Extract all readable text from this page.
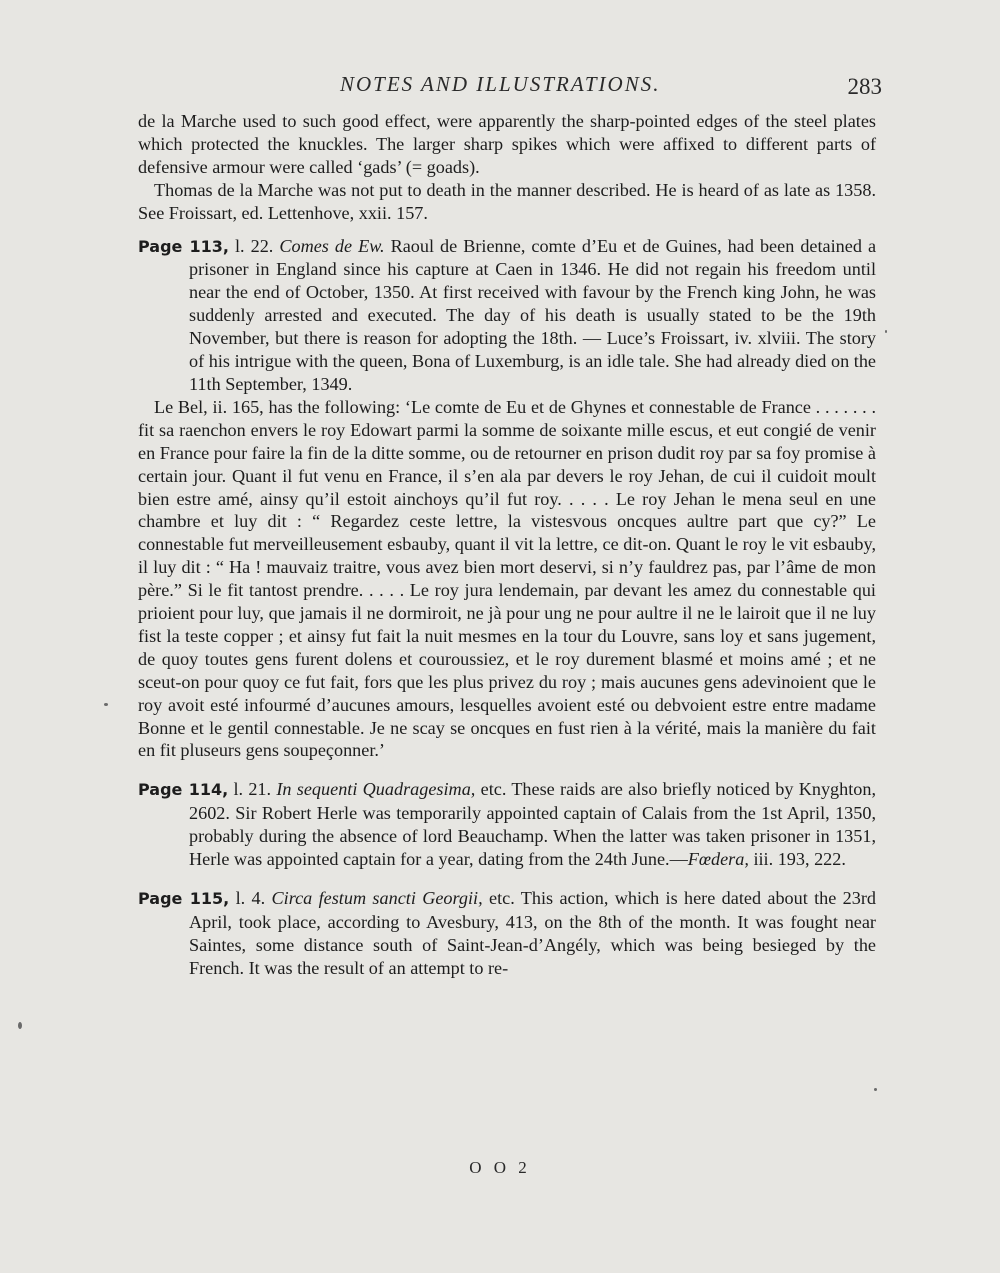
NOTES AND ILLUSTRATIONS.	283

de la Marche used to such good effect, were apparently the sharp-pointed edges of the steel plates which protected the knuckles. The larger sharp spikes which were affixed to different parts of defensive armour were called ‘gads’ (= goads).

Thomas de la Marche was not put to death in the manner described. He is heard of as late as 1358. See Froissart, ed. Lettenhove, xxii. 157.

Page 113, l. 22. Comes de Ew. Raoul de Brienne, comte d’Eu et de Guines, had been detained a prisoner in England since his capture at Caen in 1346. He did not regain his freedom until near the end of October, 1350. At first received with favour by the French king John, he was suddenly arrested and executed. The day of his death is usually stated to be the 19th November, but there is reason for adopting the 18th. — Luce’s Froissart, iv. xlviii. The story of his intrigue with the queen, Bona of Luxemburg, is an idle tale. She had already died on the 11th September, 1349.

Le Bel, ii. 165, has the following: ‘Le comte de Eu et de Ghynes et connestable de France . . . . . . . fit sa raenchon envers le roy Edowart parmi la somme de soixante mille escus, et eut congié de venir en France pour faire la fin de la ditte somme, ou de retourner en prison dudit roy par sa foy promise à certain jour. Quant il fut venu en France, il s’en ala par devers le roy Jehan, de cui il cuidoit moult bien estre amé, ainsy qu’il estoit ainchoys qu’il fut roy. . . . . Le roy Jehan le mena seul en une chambre et luy dit : “ Regardez ceste lettre, la vistesvous oncques aultre part que cy?” Le connestable fut merveilleusement esbauby, quant il vit la lettre, ce dit-on. Quant le roy le vit esbauby, il luy dit : “ Ha ! mauvaiz traitre, vous avez bien mort deservi, si n’y fauldrez pas, par l’âme de mon père.” Si le fit tantost prendre. . . . . Le roy jura lendemain, par devant les amez du connestable qui prioient pour luy, que jamais il ne dormiroit, ne jà pour ung ne pour aultre il ne le lairoit que il ne luy fist la teste copper ; et ainsy fut fait la nuit mesmes en la tour du Louvre, sans loy et sans jugement, de quoy toutes gens furent dolens et couroussiez, et le roy durement blasmé et moins amé ; et ne sceut-on pour quoy ce fut fait, fors que les plus privez du roy ; mais aucunes gens adevinoient que le roy avoit esté infourmé d’aucunes amours, lesquelles avoient esté ou debvoient estre entre madame Bonne et le gentil connestable. Je ne scay se oncques en fust rien à la vérité, mais la manière du fait en fit pluseurs gens soupeçonner.’

Page 114, l. 21. In sequenti Quadragesima, etc. These raids are also briefly noticed by Knyghton, 2602. Sir Robert Herle was temporarily appointed captain of Calais from the 1st April, 1350, probably during the absence of lord Beauchamp. When the latter was taken prisoner in 1351, Herle was appointed captain for a year, dating from the 24th June.—Fœdera, iii. 193, 222.

Page 115, l. 4. Circa festum sancti Georgii, etc. This action, which is here dated about the 23rd April, took place, according to Avesbury, 413, on the 8th of the month. It was fought near Saintes, some distance south of Saint-Jean-d’Angély, which was being besieged by the French. It was the result of an attempt to re-

O O 2
